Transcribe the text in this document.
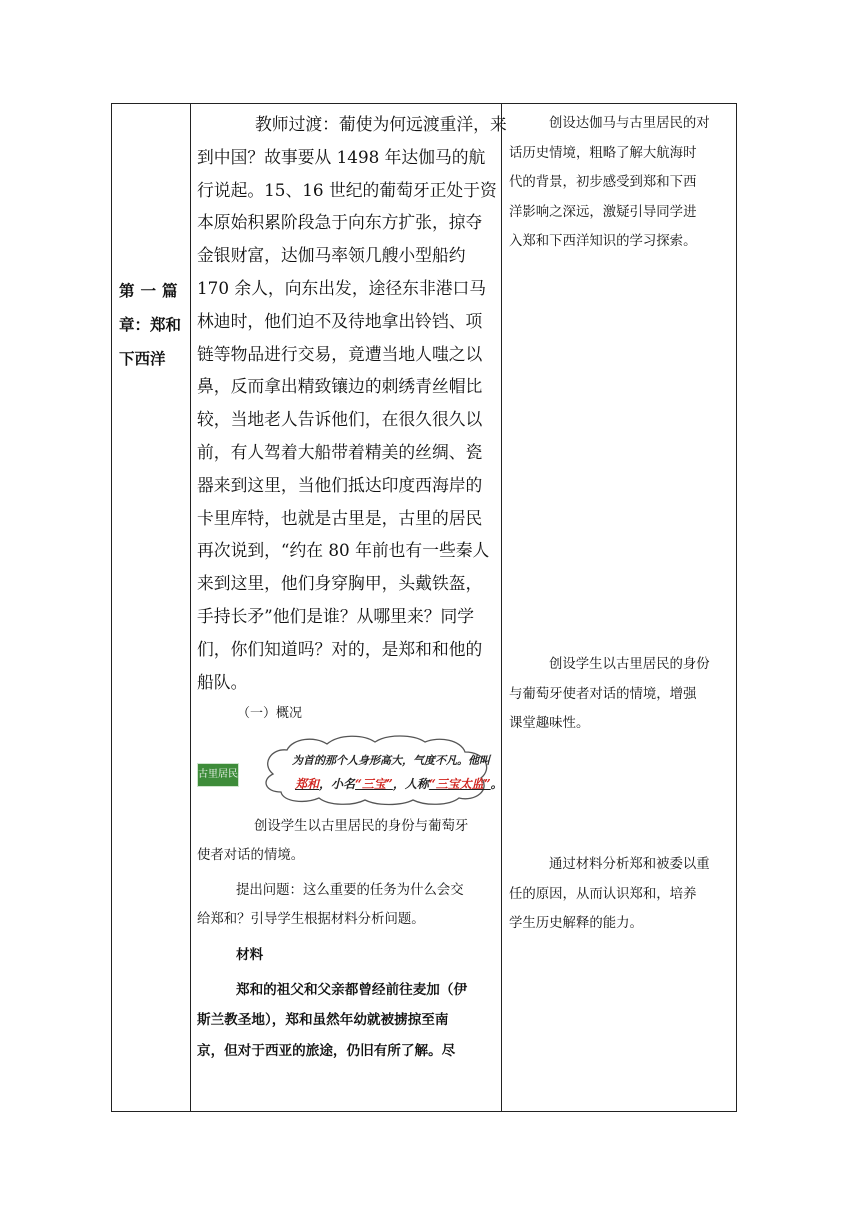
第一篇
章：郑和
下西洋

教师过渡：葡使为何远渡重洋，来
到中国？故事要从 1498 年达伽马的航
行说起。15、16 世纪的葡萄牙正处于资
本原始积累阶段急于向东方扩张，掠夺
金银财富，达伽马率领几艘小型船约
170 余人，向东出发，途径东非港口马
林迪时，他们迫不及待地拿出铃铛、项
链等物品进行交易，竟遭当地人嗤之以
鼻，反而拿出精致镶边的刺绣青丝帽比
较，当地老人告诉他们，在很久很久以
前，有人驾着大船带着精美的丝绸、瓷
器来到这里，当他们抵达印度西海岸的
卡里库特，也就是古里是，古里的居民
再次说到，“约在 80 年前也有一些秦人
来到这里，他们身穿胸甲，头戴铁盔，
手持长矛”他们是谁？从哪里来？同学
们，你们知道吗？对的，是郑和和他的
船队。

（一）概况

古里居民
为首的那个人身形高大，气度不凡。他叫
郑和，小名“三宝”，人称“三宝太监”。

创设学生以古里居民的身份与葡萄牙
使者对话的情境。

提出问题：这么重要的任务为什么会交
给郑和？引导学生根据材料分析问题。

材料

郑和的祖父和父亲都曾经前往麦加（伊
斯兰教圣地），郑和虽然年幼就被掳掠至南
京，但对于西亚的旅途，仍旧有所了解。尽

创设达伽马与古里居民的对
话历史情境，粗略了解大航海时
代的背景，初步感受到郑和下西
洋影响之深远，激疑引导同学进
入郑和下西洋知识的学习探索。
创设学生以古里居民的身份
与葡萄牙使者对话的情境，增强
课堂趣味性。
通过材料分析郑和被委以重
任的原因，从而认识郑和，培养
学生历史解释的能力。
